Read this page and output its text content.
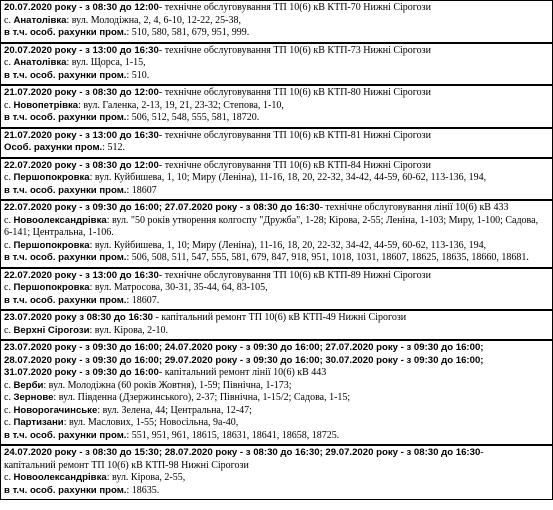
20.07.2020 року - з 08:30 до 12:00- технічне обслуговування ТП 10(6) кВ КТП-70 Нижні Сірогози
с. Анатолівка: вул. Молодіжна, 2, 4, 6-10, 12-22, 25-38,
в т.ч. особ. рахунки пром.: 510, 580, 581, 679, 951, 999.
20.07.2020 року - з 13:00 до 16:30- технічне обслуговування ТП 10(6) кВ КТП-73 Нижні Сірогози
с. Анатолівка: вул. Щорса, 1-15,
в т.ч. особ. рахунки пром.: 510.
21.07.2020 року - з 08:30 до 12:00- технічне обслуговування ТП 10(6) кВ КТП-80 Нижні Сірогози
с. Новопетрівка: вул. Галенка, 2-13, 19, 21, 23-32; Степова, 1-10,
в т.ч. особ. рахунки пром.: 506, 512, 548, 555, 581, 18720.
21.07.2020 року - з 13:00 до 16:30- технічне обслуговування ТП 10(6) кВ КТП-81 Нижні Сірогози
Особ. рахунки пром.: 512.
22.07.2020 року - з 08:30 до 12:00- технічне обслуговування ТП 10(6) кВ КТП-84 Нижні Сірогози
с. Першопокровка: вул. Куйбишева, 1, 10; Миру (Леніна), 11-16, 18, 20, 22-32, 34-42, 44-59, 60-62, 113-136, 194,
в т.ч. особ. рахунки пром.: 18607
22.07.2020 року - з 09:30 до 16:00; 27.07.2020 року - з 08:30 до 16:30- технічне обслуговування лінії 10(6) кВ 433
с. Новоолександрівка: вул. "50 років утворення колгоспу "Дружба", 1-28; Кірова, 2-55; Леніна, 1-103; Миру, 1-100; Садова,
6-141; Центральна, 1-106.
с. Першопокровка: вул. Куйбишева, 1, 10; Миру (Леніна), 11-16, 18, 20, 22-32, 34-42, 44-59, 60-62, 113-136, 194,
в т.ч. особ. рахунки пром.: 506, 508, 511, 547, 555, 581, 679, 847, 918, 951, 1018, 1031, 18607, 18625, 18635, 18660, 18681.
22.07.2020 року - з 13:00 до 16:30- технічне обслуговування ТП 10(6) кВ КТП-89 Нижні Сірогози
с. Першопокровка: вул. Матросова, 30-31, 35-44, 64, 83-105,
в т.ч. особ. рахунки пром.: 18607.
23.07.2020 року з 08:30 до 16:30 - капітальний ремонт ТП 10(6) кВ КТП-49 Нижні Сірогози
с. Верхні Сірогози: вул. Кірова, 2-10.
23.07.2020 року - з 09:30 до 16:00; 24.07.2020 року - з 09:30 до 16:00; 27.07.2020 року - з 09:30 до 16:00;
28.07.2020 року - з 09:30 до 16:00; 29.07.2020 року - з 09:30 до 16:00; 30.07.2020 року - з 09:30 до 16:00;
31.07.2020 року - з 09:30 до 16:00- капітальний ремонт лінії 10(6) кВ 443
с. Верби: вул. Молодіжна (60 років Жовтня), 1-59; Північна, 1-173;
с. Зернове: вул. Південна (Дзержинського), 2-37; Північна, 1-15/2; Садова, 1-15;
с. Новорогачинське: вул. Зелена, 44; Центральна, 12-47;
с. Партизани: вул. Маслових, 1-55; Новосільна, 9а-40,
в т.ч. особ. рахунки пром.: 551, 951, 961, 18615, 18631, 18641, 18658, 18725.
24.07.2020 року - з 08:30 до 15:30; 28.07.2020 року - з 08:30 до 16:30; 29.07.2020 року - з 08:30 до 16:30-
капітальний ремонт ТП 10(6) кВ КТП-98 Нижні Сірогози
с. Новоолександрівка: вул. Кірова, 2-55,
в т.ч. особ. рахунки пром.: 18635.
